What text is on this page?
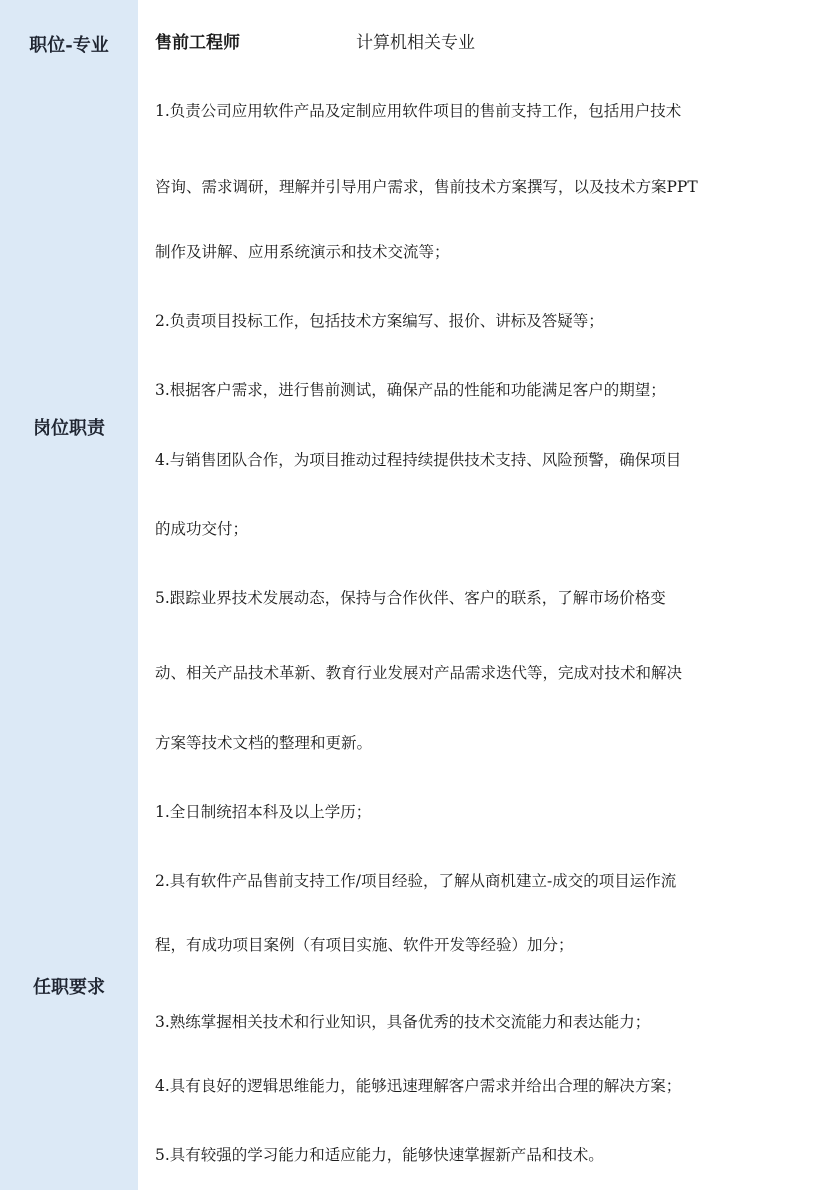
职位-专业
岗位职责
任职要求
售前工程师	计算机相关专业
1.负责公司应用软件产品及定制应用软件项目的售前支持工作，包括用户技术
咨询、需求调研，理解并引导用户需求，售前技术方案撰写，以及技术方案PPT
制作及讲解、应用系统演示和技术交流等；
2.负责项目投标工作，包括技术方案编写、报价、讲标及答疑等；
3.根据客户需求，进行售前测试，确保产品的性能和功能满足客户的期望；
4.与销售团队合作，为项目推动过程持续提供技术支持、风险预警，确保项目
的成功交付；
5.跟踪业界技术发展动态，保持与合作伙伴、客户的联系，了解市场价格变
动、相关产品技术革新、教育行业发展对产品需求迭代等，完成对技术和解决
方案等技术文档的整理和更新。
1.全日制统招本科及以上学历；
2.具有软件产品售前支持工作/项目经验，了解从商机建立-成交的项目运作流
程，有成功项目案例（有项目实施、软件开发等经验）加分；
3.熟练掌握相关技术和行业知识，具备优秀的技术交流能力和表达能力；
4.具有良好的逻辑思维能力，能够迅速理解客户需求并给出合理的解决方案；
5.具有较强的学习能力和适应能力，能够快速掌握新产品和技术。
